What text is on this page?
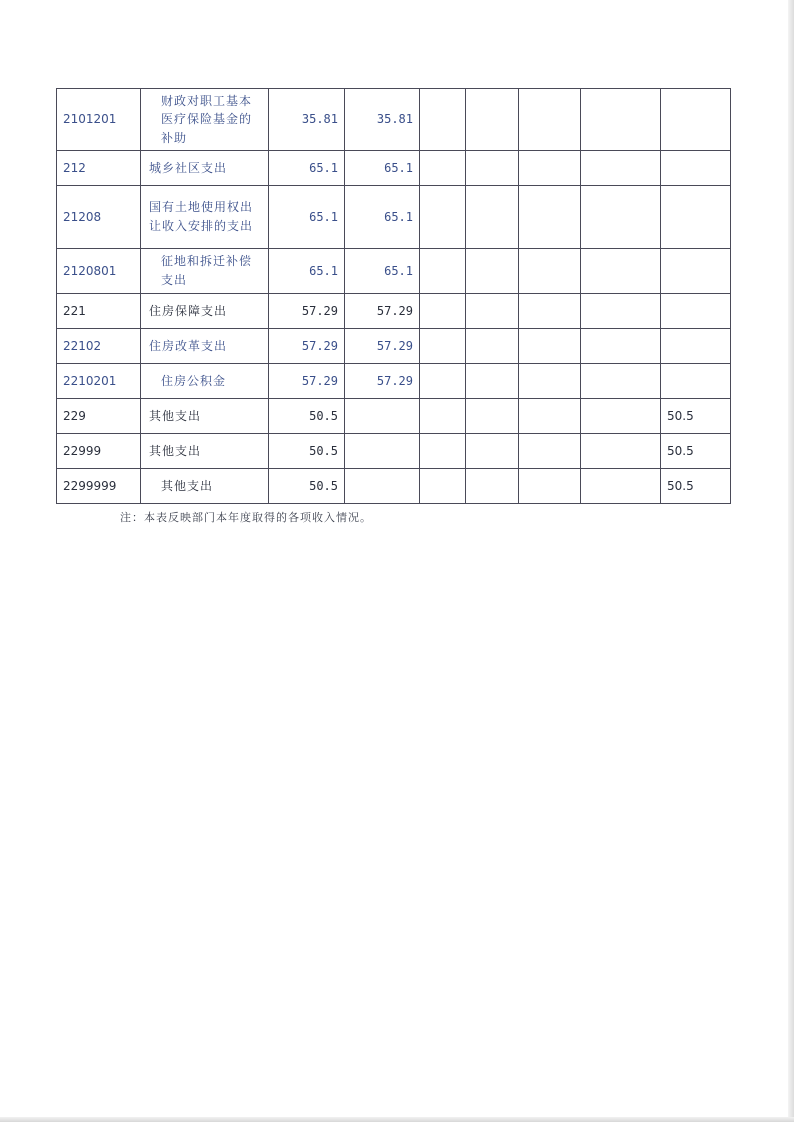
2101201	财政对职工基本医疗保险基金的补助	35.81	35.81					
212	城乡社区支出	65.1	65.1					
21208	国有土地使用权出让收入安排的支出	65.1	65.1					
2120801	征地和拆迁补偿支出	65.1	65.1					
221	住房保障支出	57.29	57.29					
22102	住房改革支出	57.29	57.29					
2210201	住房公积金	57.29	57.29					
229	其他支出	50.5						50.5
22999	其他支出	50.5						50.5
2299999	其他支出	50.5						50.5
注：本表反映部门本年度取得的各项收入情况。
